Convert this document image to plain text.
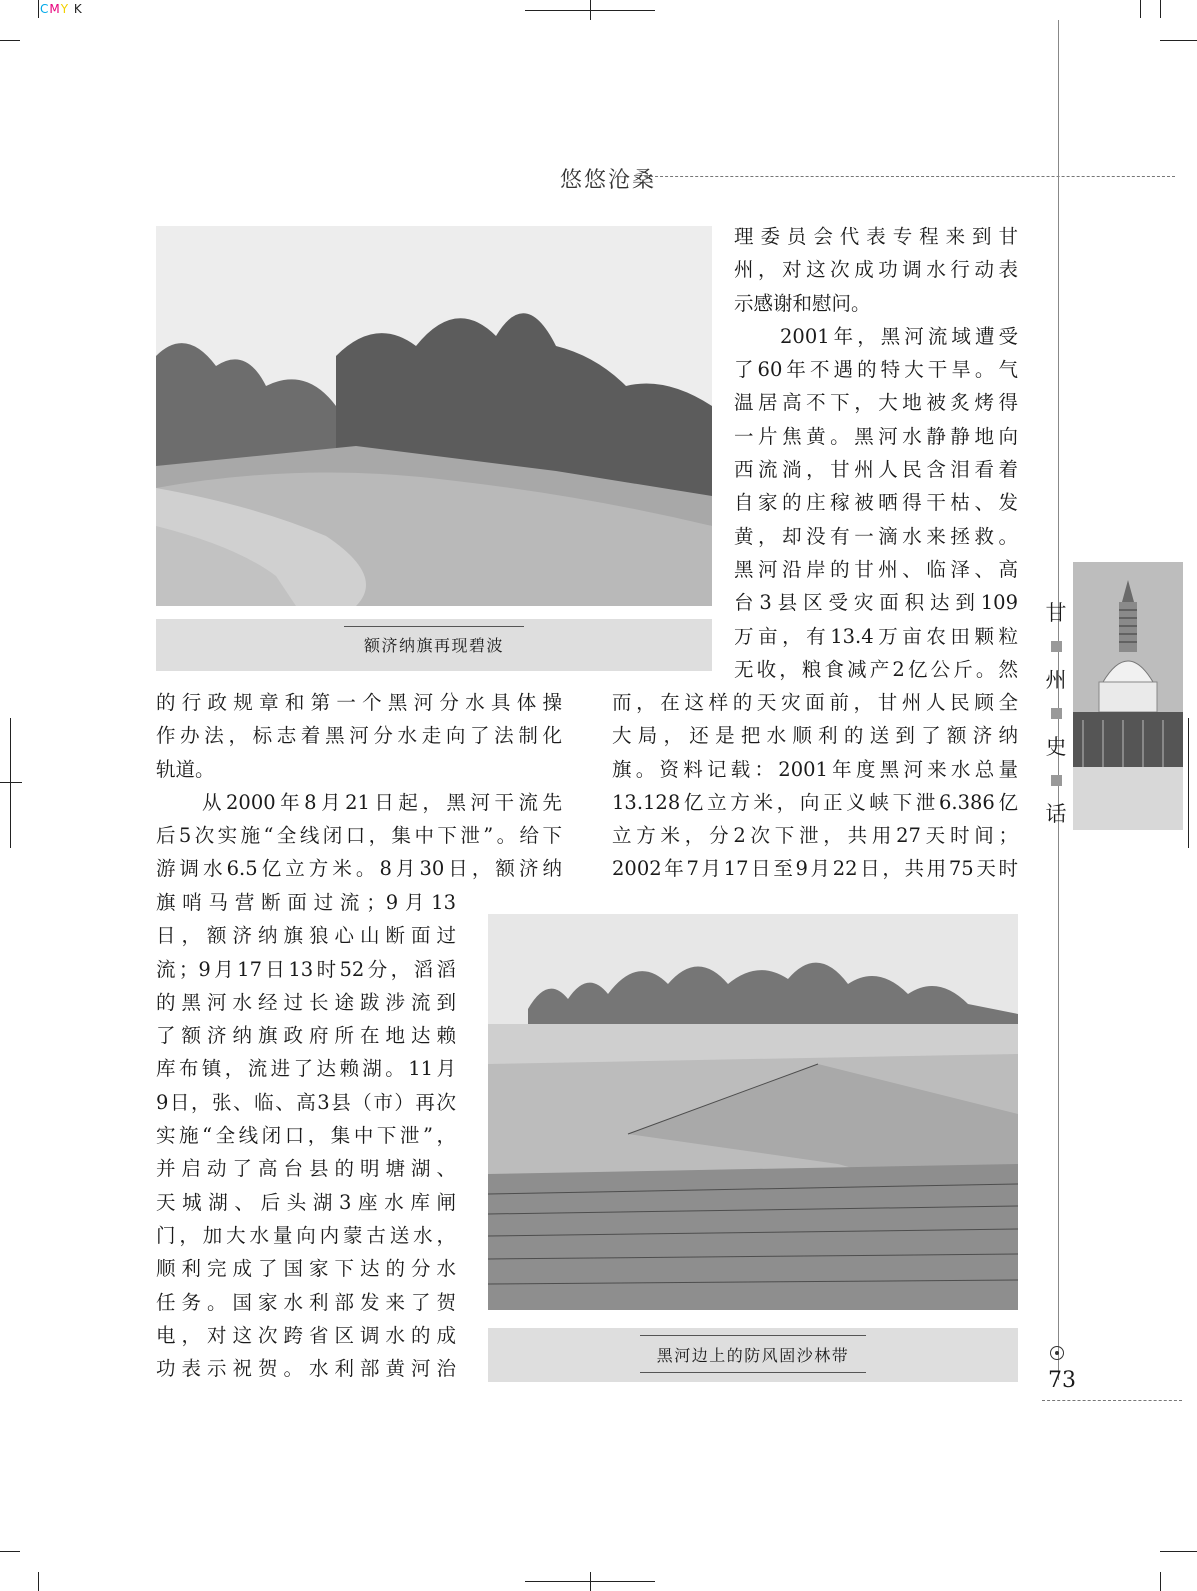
CMY K
悠悠沧桑
甘
州
史
话
额济纳旗再现碧波
黑河边上的防风固沙林带
理委员会代表专程来到甘
州，对这次成功调水行动表
示感谢和慰问。
2001年，黑河流域遭受
了60年不遇的特大干旱。气
温居高不下，大地被炙烤得
一片焦黄。黑河水静静地向
西流淌，甘州人民含泪看着
自家的庄稼被晒得干枯、发
黄，却没有一滴水来拯救。
黑河沿岸的甘州、临泽、高
台3县区受灾面积达到109
万亩，有13.4万亩农田颗粒
无收，粮食减产2亿公斤。然
的行政规章和第一个黑河分水具体操
作办法，标志着黑河分水走向了法制化
轨道。
从2000年8月21日起，黑河干流先
后5次实施“全线闭口，集中下泄”。给下
游调水6.5亿立方米。8月30日，额济纳
而，在这样的天灾面前，甘州人民顾全
大局，还是把水顺利的送到了额济纳
旗。资料记载：2001年度黑河来水总量
13.128亿立方米，向正义峡下泄6.386亿
立方米，分2次下泄，共用27天时间；
2002年7月17日至9月22日，共用75天时
旗哨马营断面过流；9月13
日，额济纳旗狼心山断面过
流；9月17日13时52分，滔滔
的黑河水经过长途跋涉流到
了额济纳旗政府所在地达赖
库布镇，流进了达赖湖。11月
9日，张、临、高3县（市）再次
实施“全线闭口，集中下泄”，
并启动了高台县的明塘湖、
天城湖、后头湖3座水库闸
门，加大水量向内蒙古送水，
顺利完成了国家下达的分水
任务。国家水利部发来了贺
电，对这次跨省区调水的成
功表示祝贺。水利部黄河治	73
